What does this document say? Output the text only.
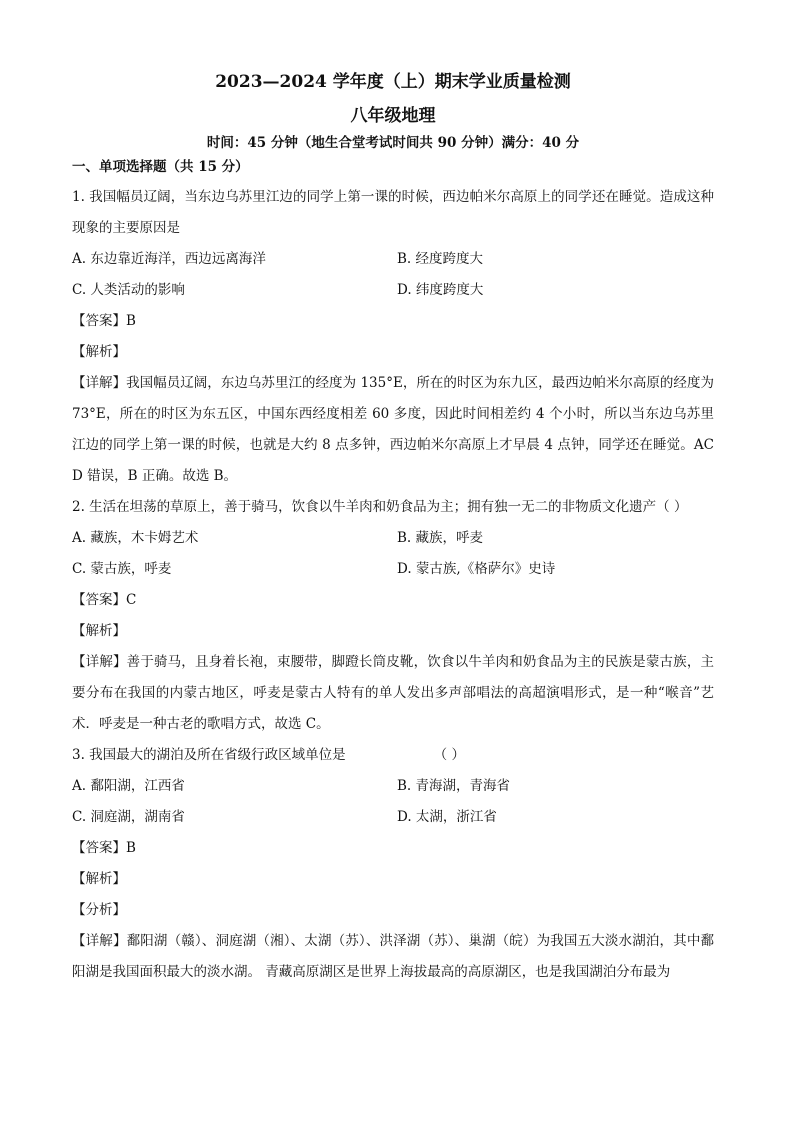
2023—2024 学年度（上）期末学业质量检测
八年级地理
时间：45 分钟（地生合堂考试时间共 90 分钟）满分：40 分
一、单项选择题（共 15 分）

1. 我国幅员辽阔，当东边乌苏里江边的同学上第一课的时候，西边帕米尔高原上的同学还在睡觉。造成这种现象的主要原因是

A. 东边靠近海洋，西边远离海洋	B. 经度跨度大
C. 人类活动的影响	D. 纬度跨度大

【答案】B

【解析】

【详解】我国幅员辽阔，东边乌苏里江的经度为 135°E，所在的时区为东九区，最西边帕米尔高原的经度为 73°E，所在的时区为东五区，中国东西经度相差 60 多度，因此时间相差约 4 个小时，所以当东边乌苏里江边的同学上第一课的时候，也就是大约 8 点多钟，西边帕米尔高原上才早晨 4 点钟，同学还在睡觉。ACD 错误，B 正确。故选 B。

2. 生活在坦荡的草原上，善于骑马，饮食以牛羊肉和奶食品为主；拥有独一无二的非物质文化遗产（ ）

A. 藏族，木卡姆艺术	B. 藏族，呼麦
C. 蒙古族，呼麦	D. 蒙古族,《格萨尔》史诗

【答案】C

【解析】

【详解】善于骑马，且身着长袍，束腰带，脚蹬长筒皮靴，饮食以牛羊肉和奶食品为主的民族是蒙古族，主要分布在我国的内蒙古地区，呼麦是蒙古人特有的单人发出多声部唱法的高超演唱形式，是一种“喉音”艺术．呼麦是一种古老的歌唱方式，故选 C。

3. 我国最大的湖泊及所在省级行政区域单位是	（ ）

A. 鄱阳湖，江西省	B. 青海湖，青海省
C. 洞庭湖，湖南省	D. 太湖，浙江省

【答案】B

【解析】

【分析】

【详解】鄱阳湖（赣）、洞庭湖（湘）、太湖（苏）、洪泽湖（苏）、巢湖（皖）为我国五大淡水湖泊，其中鄱阳湖是我国面积最大的淡水湖。 青藏高原湖区是世界上海拔最高的高原湖区，也是我国湖泊分布最为
